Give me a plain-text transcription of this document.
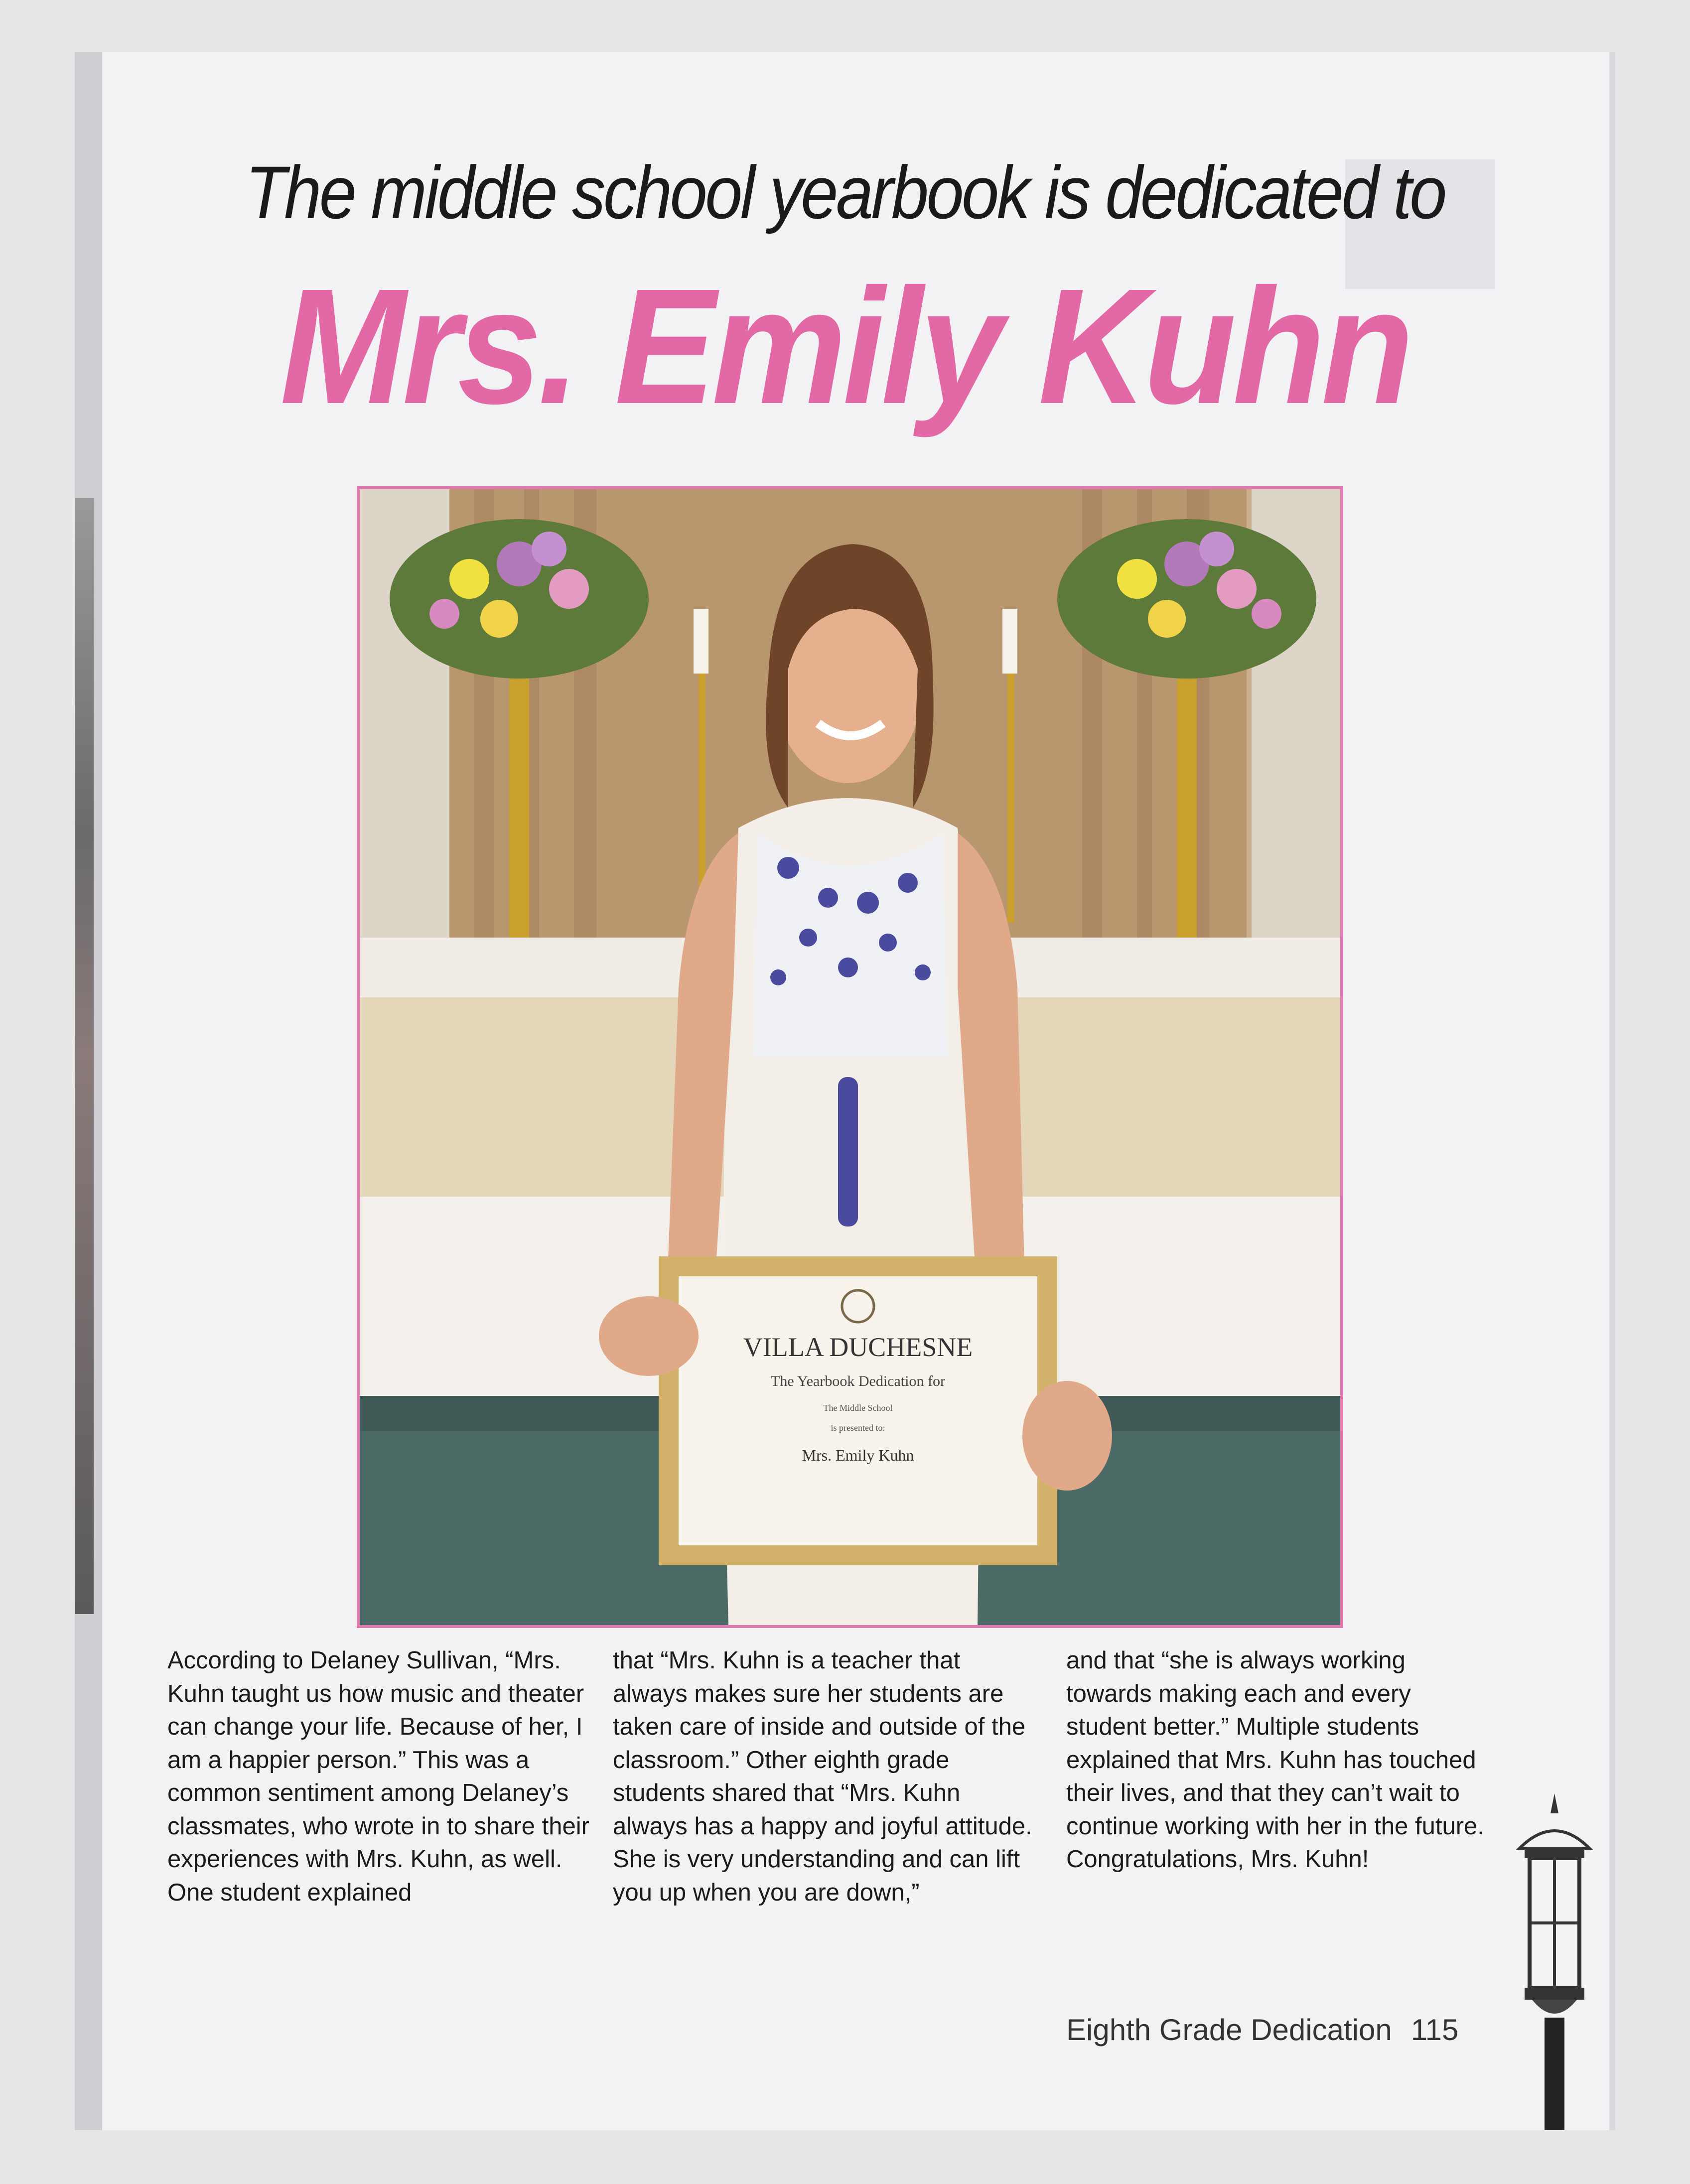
The middle school yearbook is dedicated to
Mrs. Emily Kuhn
VILLA DUCHESNE
The Yearbook Dedication for
The Middle School
is presented to:
Mrs. Emily Kuhn
According to Delaney Sullivan, “Mrs. Kuhn taught us how music and theater can change your life. Because of her, I am a happier person.” This was a common sentiment among Delaney’s classmates, who wrote in to share their experiences with Mrs. Kuhn, as well. One student explained
that “Mrs. Kuhn is a teacher that always makes sure her students are taken care of inside and outside of the classroom.” Other eighth grade students shared that “Mrs. Kuhn always has a happy and joyful attitude. She is very understanding and can lift you up when you are down,”
and that “she is always working towards making each and every student better.” Multiple students explained that Mrs. Kuhn has touched their lives, and that they can’t wait to continue working with her in the future. Congratulations, Mrs. Kuhn!
Eighth Grade Dedication 115
